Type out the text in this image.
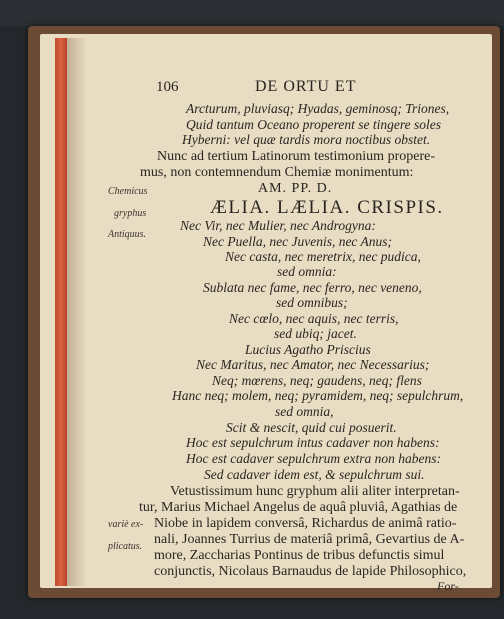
106	DE ORTU ET
Arcturum, pluviasq; Hyadas, geminosq; Triones,
Quid tantum Oceano properent se tingere soles
Hyberni: vel quæ tardis mora noctibus obstet.
Nunc ad tertium Latinorum testimonium propere-
mus, non contemnendum Chemiæ monimentum:
Chemicus
gryphus
Antiquus.
AM. PP. D.
ÆLIA. LÆLIA. CRISPIS.
Nec Vir, nec Mulier, nec Androgyna:
Nec Puella, nec Juvenis, nec Anus;
Nec casta, nec meretrix, nec pudica,
sed omnia:
Sublata nec fame, nec ferro, nec veneno,
sed omnibus;
Nec cœlo, nec aquis, nec terris,
sed ubiq; jacet.
Lucius Agatho Priscius
Nec Maritus, nec Amator, nec Necessarius;
Neq; mœrens, neq; gaudens, neq; flens
Hanc neq; molem, neq; pyramidem, neq; sepulchrum,
sed omnia,
Scit & nescit, quid cui posuerit.
Hoc est sepulchrum intus cadaver non habens:
Hoc est cadaver sepulchrum extra non habens:
Sed cadaver idem est, & sepulchrum sui.
Vetustissimum hunc gryphum alii aliter interpretan-
tur, Marius Michael Angelus de aquâ pluviâ, Agathias de
Niobe in lapidem conversâ, Richardus de animâ ratio-
nali, Joannes Turrius de materiâ primâ, Gevartius de A-
more, Zaccharias Pontinus de tribus defunctis simul
conjunctis, Nicolaus Barnaudus de lapide Philosophico,
variè ex-
plicatus.
For-
